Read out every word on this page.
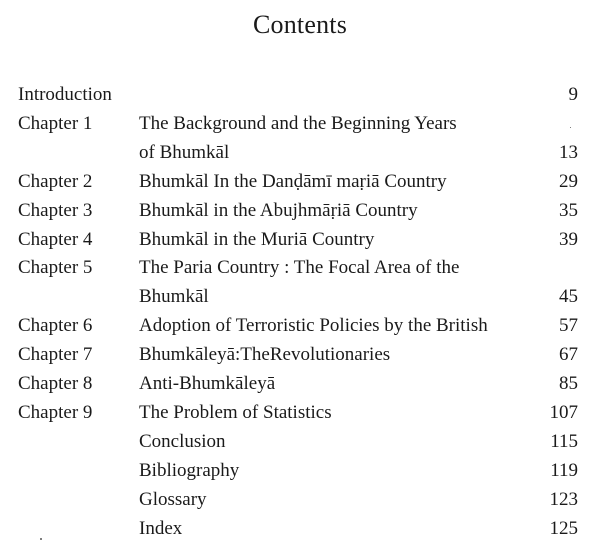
Contents
Introduction	9
Chapter 1 The Background and the Beginning Years
of Bhumkāl	13
Chapter 2 Bhumkāl In the Danḍāmī maṛiā Country	29
Chapter 3 Bhumkāl in the Abujhmāṛiā Country	35
Chapter 4 Bhumkāl in the Muriā Country	39
Chapter 5 The Paria Country : The Focal Area of the
Bhumkāl	45
Chapter 6 Adoption of Terroristic Policies by the British	57
Chapter 7 Bhumkāleyā:TheRevolutionaries	67
Chapter 8 Anti-Bhumkāleyā	85
Chapter 9 The Problem of Statistics	107
Conclusion	115
Bibliography	119
Glossary	123
Index	125
